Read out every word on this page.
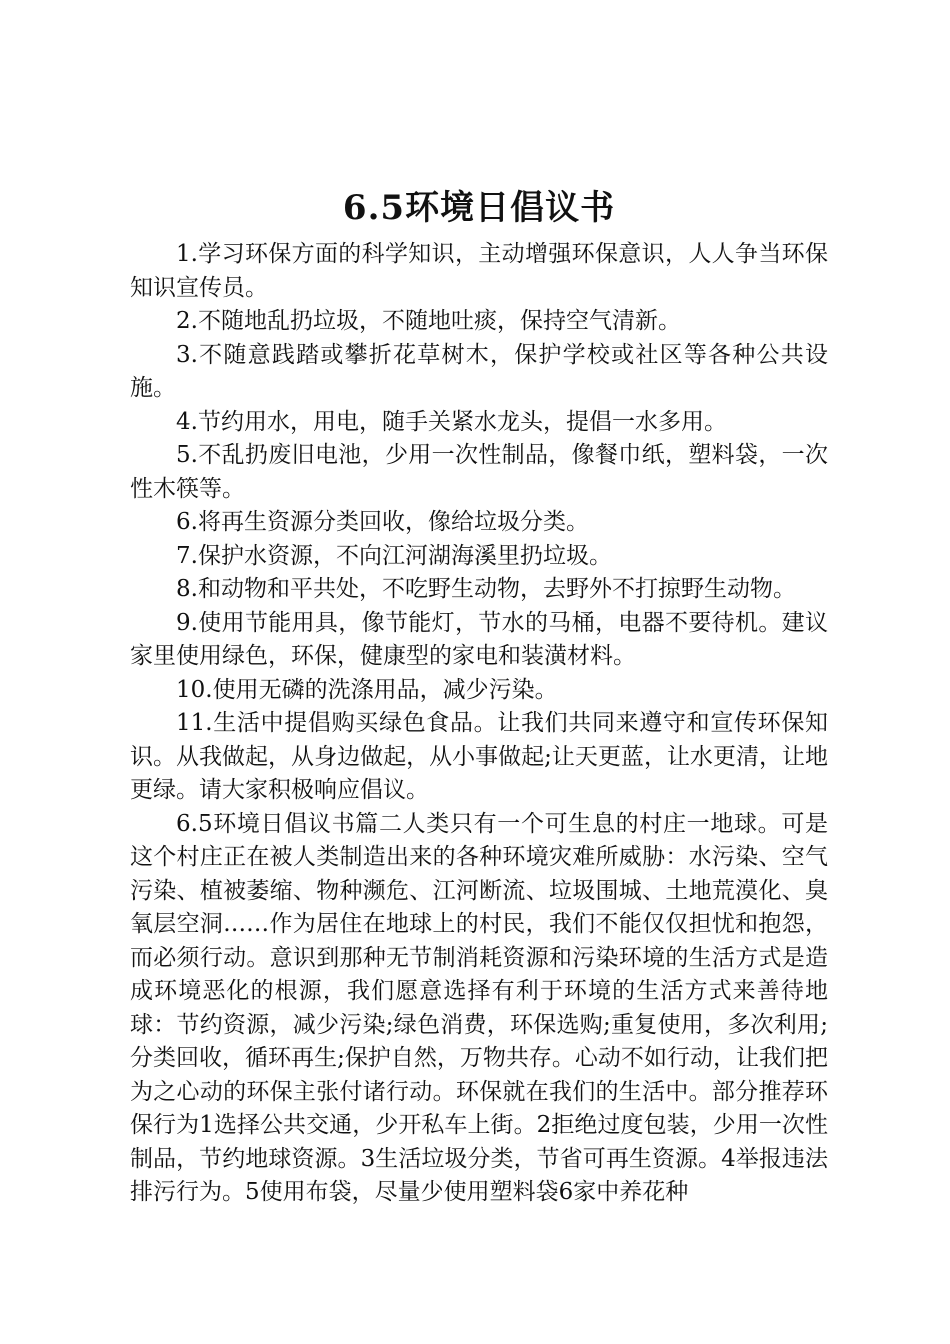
6.5环境日倡议书

1.学习环保方面的科学知识，主动增强环保意识，人人争当环保知识宣传员。

2.不随地乱扔垃圾，不随地吐痰，保持空气清新。

3.不随意践踏或攀折花草树木，保护学校或社区等各种公共设施。

4.节约用水，用电，随手关紧水龙头，提倡一水多用。

5.不乱扔废旧电池，少用一次性制品，像餐巾纸，塑料袋，一次性木筷等。

6.将再生资源分类回收，像给垃圾分类。

7.保护水资源，不向江河湖海溪里扔垃圾。

8.和动物和平共处，不吃野生动物，去野外不打掠野生动物。

9.使用节能用具，像节能灯，节水的马桶，电器不要待机。建议家里使用绿色，环保，健康型的家电和装潢材料。

10.使用无磷的洗涤用品，减少污染。

11.生活中提倡购买绿色食品。让我们共同来遵守和宣传环保知识。从我做起，从身边做起，从小事做起;让天更蓝，让水更清，让地更绿。请大家积极响应倡议。

6.5环境日倡议书篇二人类只有一个可生息的村庄一地球。可是这个村庄正在被人类制造出来的各种环境灾难所威胁：水污染、空气污染、植被萎缩、物种濒危、江河断流、垃圾围城、土地荒漠化、臭氧层空洞……作为居住在地球上的村民，我们不能仅仅担忧和抱怨，而必须行动。意识到那种无节制消耗资源和污染环境的生活方式是造成环境恶化的根源，我们愿意选择有利于环境的生活方式来善待地球：节约资源，减少污染;绿色消费，环保选购;重复使用，多次利用;分类回收，循环再生;保护自然，万物共存。心动不如行动，让我们把为之心动的环保主张付诸行动。环保就在我们的生活中。部分推荐环保行为1选择公共交通，少开私车上街。2拒绝过度包装，少用一次性制品，节约地球资源。3生活垃圾分类，节省可再生资源。4举报违法排污行为。5使用布袋，尽量少使用塑料袋6家中养花种
